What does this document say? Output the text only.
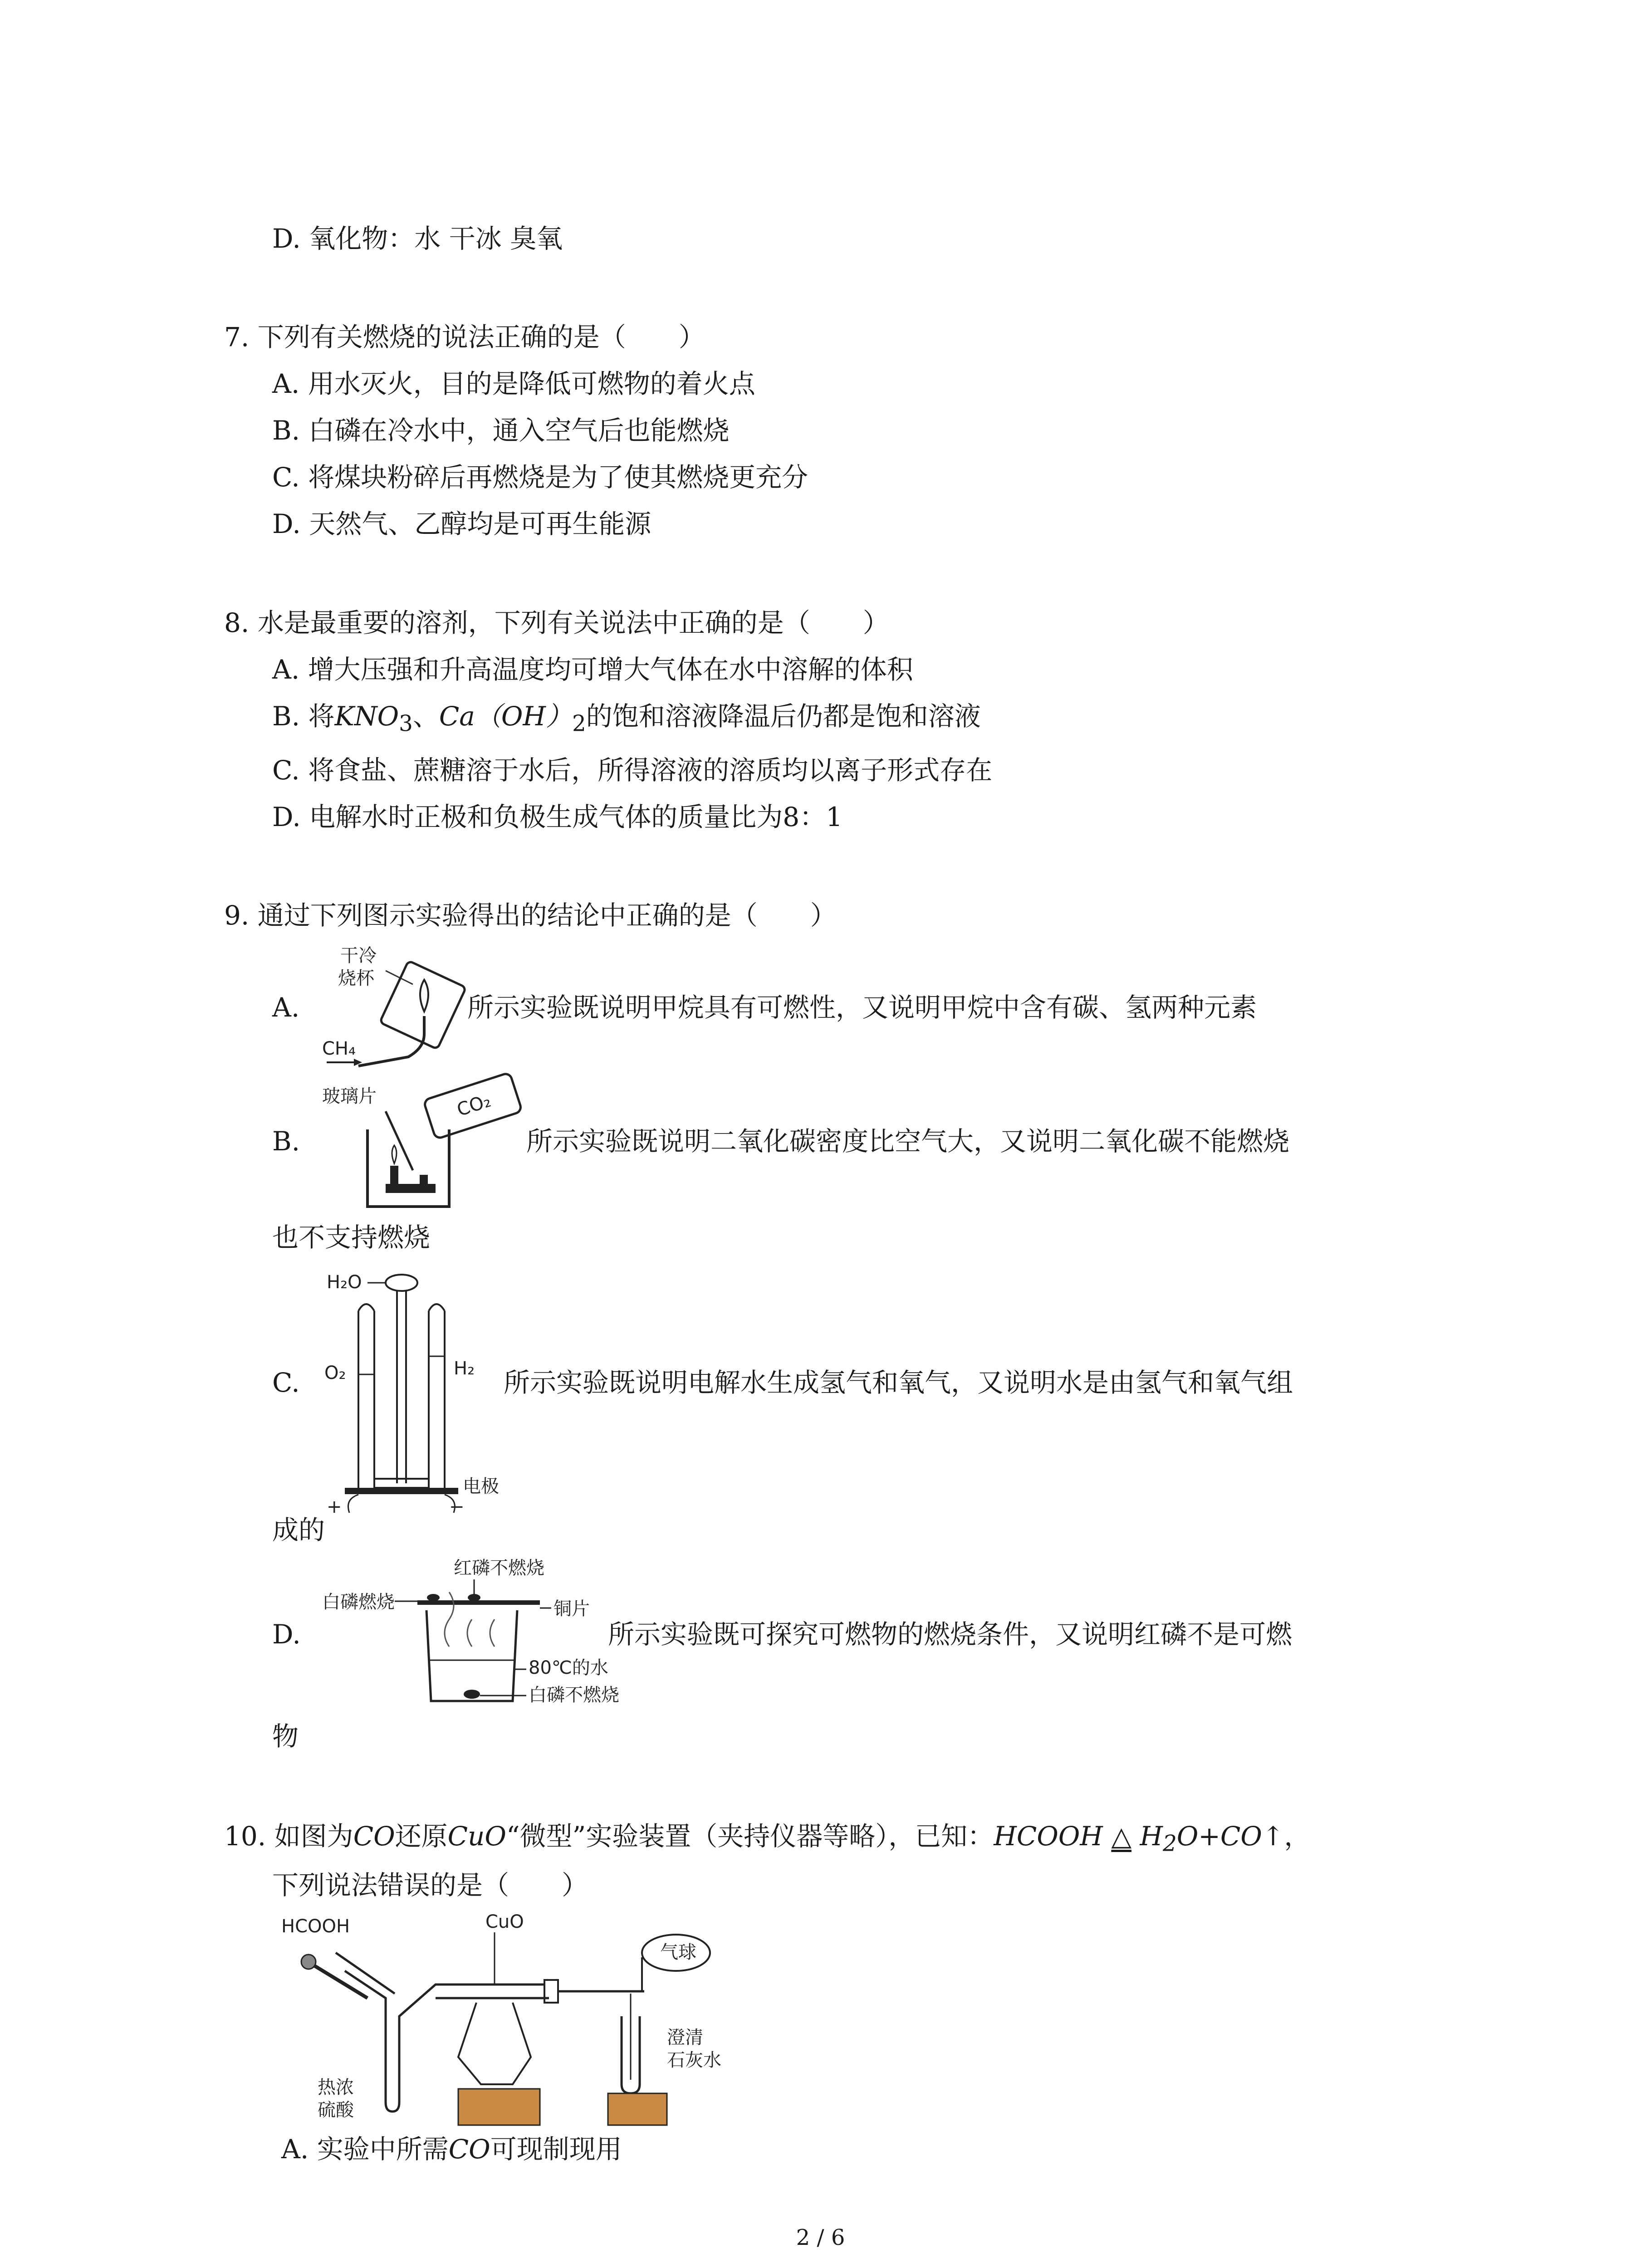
D. 氧化物：水 干冰 臭氧

7. 下列有关燃烧的说法正确的是（　　）

A. 用水灭火，目的是降低可燃物的着火点

B. 白磷在冷水中，通入空气后也能燃烧

C. 将煤块粉碎后再燃烧是为了使其燃烧更充分

D. 天然气、乙醇均是可再生能源

8. 水是最重要的溶剂，下列有关说法中正确的是（　　）

A. 增大压强和升高温度均可增大气体在水中溶解的体积

B. 将$KNO_3$、$Ca(OH)_2$的饱和溶液降温后仍都是饱和溶液

C. 将食盐、蔗糖溶于水后，所得溶液的溶质均以离子形式存在

D. 电解水时正极和负极生成气体的质量比为8：1

9. 通过下列图示实验得出的结论中正确的是（　　）

A.

干冷
烧杯
CH₄

所示实验既说明甲烷具有可燃性，又说明甲烷中含有碳、氢两种元素

B.

玻璃片	CO₂

所示实验既说明二氧化碳密度比空气大，又说明二氧化碳不能燃烧

也不支持燃烧

C.

H₂O
O₂	H₂
电极
+	−

所示实验既说明电解水生成氢气和氧气，又说明水是由氢气和氧气组

成的

D.

红磷不燃烧
白磷燃烧	铜片
80℃的水
白磷不燃烧

所示实验既可探究可燃物的燃烧条件，又说明红磷不是可燃

物

10. 如图为CO还原CuO“微型”实验装置（夹持仪器等略），已知：HCOOH △ $H_2O+CO↑$，

下列说法错误的是（　　）

HCOOH	CuO
气球
澄清
石灰水
热浓
硫酸

A. 实验中所需CO可现制现用

2 / 6
